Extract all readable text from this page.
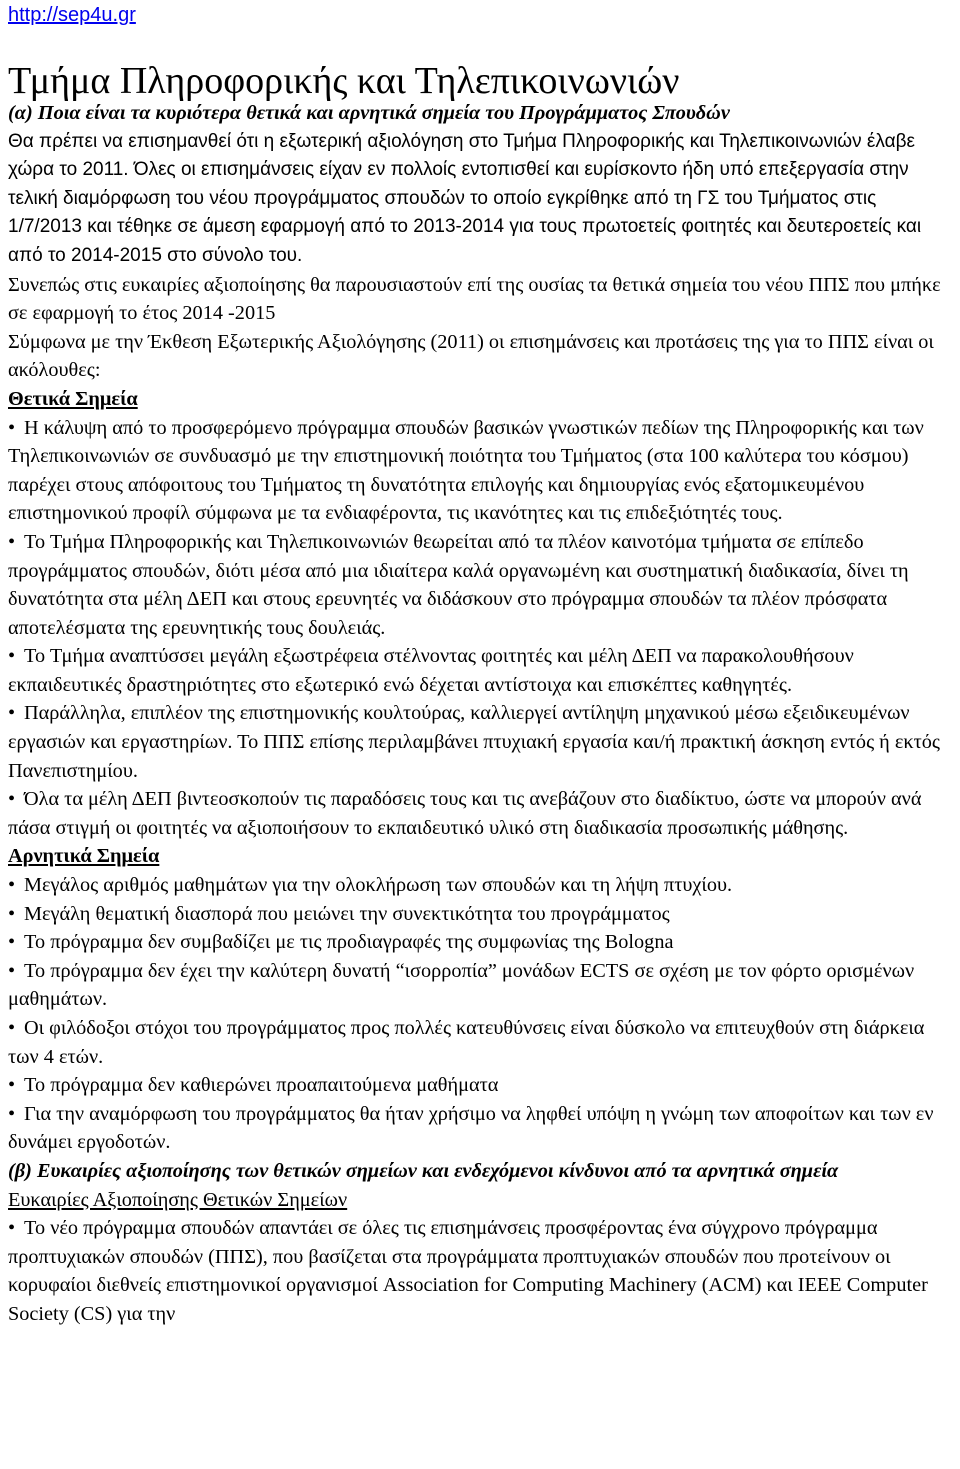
http://sep4u.gr
Τμήμα Πληροφορικής και Τηλεπικοινωνιών

(α) Ποια είναι τα κυριότερα θετικά και αρνητικά σημεία του Προγράμματος Σπουδών

Θα πρέπει να επισημανθεί ότι η εξωτερική αξιολόγηση στο Τμήμα Πληροφορικής και Τηλεπικοινωνιών έλαβε χώρα το 2011. Όλες οι επισημάνσεις είχαν εν πολλοίς εντοπισθεί και ευρίσκοντο ήδη υπό επεξεργασία στην τελική διαμόρφωση του νέου προγράμματος σπουδών το οποίο εγκρίθηκε από τη ΓΣ του Τμήματος στις 1/7/2013 και τέθηκε σε άμεση εφαρμογή από το 2013-2014 για τους πρωτοετείς φοιτητές και δευτεροετείς και από το 2014-2015 στο σύνολο του.

Συνεπώς στις ευκαιρίες αξιοποίησης θα παρουσιαστούν επί της ουσίας τα θετικά σημεία του νέου ΠΠΣ που μπήκε σε εφαρμογή το έτος 2014 -2015

Σύμφωνα με την Έκθεση Εξωτερικής Αξιολόγησης (2011) οι επισημάνσεις και προτάσεις της για το ΠΠΣ είναι οι ακόλουθες:

Θετικά Σημεία

• Η κάλυψη από το προσφερόμενο πρόγραμμα σπουδών βασικών γνωστικών πεδίων της Πληροφορικής και των Τηλεπικοινωνιών σε συνδυασμό με την επιστημονική ποιότητα του Τμήματος (στα 100 καλύτερα του κόσμου) παρέχει στους απόφοιτους του Τμήματος τη δυνατότητα επιλογής και δημιουργίας ενός εξατομικευμένου επιστημονικού προφίλ σύμφωνα με τα ενδιαφέροντα, τις ικανότητες και τις επιδεξιότητές τους.

• Το Τμήμα Πληροφορικής και Τηλεπικοινωνιών θεωρείται από τα πλέον καινοτόμα τμήματα σε επίπεδο προγράμματος σπουδών, διότι μέσα από μια ιδιαίτερα καλά οργανωμένη και συστηματική διαδικασία, δίνει τη δυνατότητα στα μέλη ΔΕΠ και στους ερευνητές να διδάσκουν στο πρόγραμμα σπουδών τα πλέον πρόσφατα αποτελέσματα της ερευνητικής τους δουλειάς.

• Το Τμήμα αναπτύσσει μεγάλη εξωστρέφεια στέλνοντας φοιτητές και μέλη ΔΕΠ να παρακολουθήσουν εκπαιδευτικές δραστηριότητες στο εξωτερικό ενώ δέχεται αντίστοιχα και επισκέπτες καθηγητές.

• Παράλληλα, επιπλέον της επιστημονικής κουλτούρας, καλλιεργεί αντίληψη μηχανικού μέσω εξειδικευμένων εργασιών και εργαστηρίων. Το ΠΠΣ επίσης περιλαμβάνει πτυχιακή εργασία και/ή πρακτική άσκηση εντός ή εκτός Πανεπιστημίου.

• Όλα τα μέλη ΔΕΠ βιντεοσκοπούν τις παραδόσεις τους και τις ανεβάζουν στο διαδίκτυο, ώστε να μπορούν ανά πάσα στιγμή οι φοιτητές να αξιοποιήσουν το εκπαιδευτικό υλικό στη διαδικασία προσωπικής μάθησης.

Αρνητικά Σημεία

• Μεγάλος αριθμός μαθημάτων για την ολοκλήρωση των σπουδών και τη λήψη πτυχίου.

• Μεγάλη θεματική διασπορά που μειώνει την συνεκτικότητα του προγράμματος

• Το πρόγραμμα δεν συμβαδίζει με τις προδιαγραφές της συμφωνίας της Bologna

• Το πρόγραμμα δεν έχει την καλύτερη δυνατή “ισορροπία” μονάδων ECTS σε σχέση με τον φόρτο ορισμένων μαθημάτων.

• Οι φιλόδοξοι στόχοι του προγράμματος προς πολλές κατευθύνσεις είναι δύσκολο να επιτευχθούν στη διάρκεια των 4 ετών.

• Το πρόγραμμα δεν καθιερώνει προαπαιτούμενα μαθήματα

• Για την αναμόρφωση του προγράμματος θα ήταν χρήσιμο να ληφθεί υπόψη η γνώμη των αποφοίτων και των εν δυνάμει εργοδοτών.

(β) Ευκαιρίες αξιοποίησης των θετικών σημείων και ενδεχόμενοι κίνδυνοι από τα αρνητικά σημεία

Ευκαιρίες Αξιοποίησης Θετικών Σημείων

• Το νέο πρόγραμμα σπουδών απαντάει σε όλες τις επισημάνσεις προσφέροντας ένα σύγχρονο πρόγραμμα προπτυχιακών σπουδών (ΠΠΣ), που βασίζεται στα προγράμματα προπτυχιακών σπουδών που προτείνουν οι κορυφαίοι διεθνείς επιστημονικοί οργανισμοί Association for Computing Machinery (ACM) και IEEE Computer Society (CS) για την
